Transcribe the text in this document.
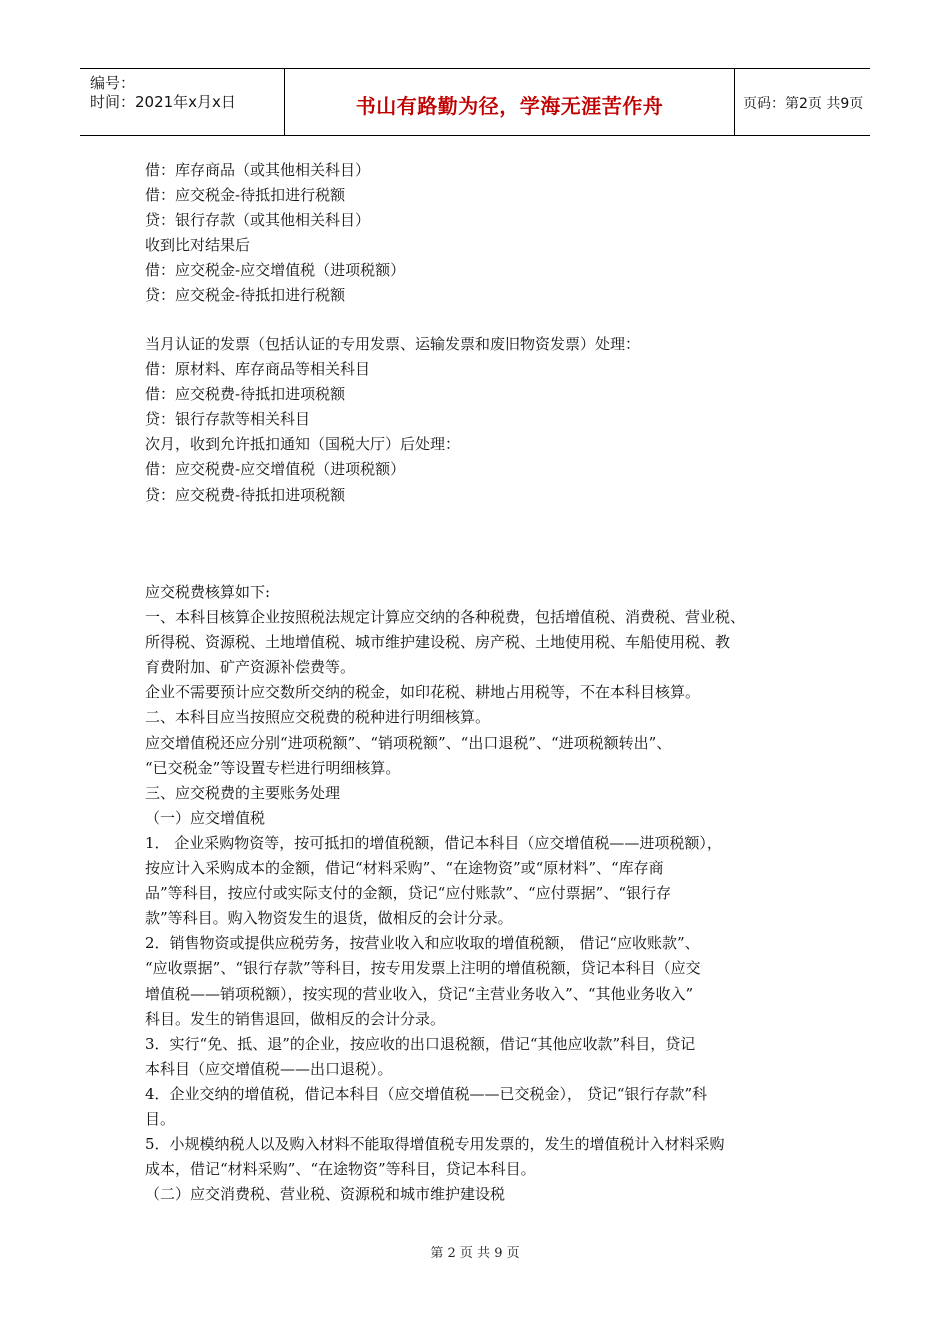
编号：
时间：2021年x月x日	书山有路勤为径，学海无涯苦作舟	页码：第2页 共9页
借：库存商品（或其他相关科目）
借：应交税金-待抵扣进行税额
贷：银行存款（或其他相关科目）
收到比对结果后
借：应交税金-应交增值税（进项税额）
贷：应交税金-待抵扣进行税额
当月认证的发票（包括认证的专用发票、运输发票和废旧物资发票）处理：
借：原材料、库存商品等相关科目
借：应交税费-待抵扣进项税额
贷：银行存款等相关科目
次月，收到允许抵扣通知（国税大厅）后处理：
借：应交税费-应交增值税（进项税额）
贷：应交税费-待抵扣进项税额
应交税费核算如下:
一、本科目核算企业按照税法规定计算应交纳的各种税费，包括增值税、消费税、营业税、
所得税、资源税、土地增值税、城市维护建设税、房产税、土地使用税、车船使用税、教
育费附加、矿产资源补偿费等。
企业不需要预计应交数所交纳的税金，如印花税、耕地占用税等，不在本科目核算。
二、本科目应当按照应交税费的税种进行明细核算。
应交增值税还应分别“进项税额”、“销项税额”、“出口退税”、“进项税额转出”、
“已交税金”等设置专栏进行明细核算。
三、应交税费的主要账务处理
（一）应交增值税
1． 企业采购物资等，按可抵扣的增值税额，借记本科目（应交增值税——进项税额），
按应计入采购成本的金额，借记“材料采购”、“在途物资”或“原材料”、“库存商
品”等科目，按应付或实际支付的金额，贷记“应付账款”、“应付票据”、“银行存
款”等科目。购入物资发生的退货，做相反的会计分录。
2．销售物资或提供应税劳务，按营业收入和应收取的增值税额， 借记“应收账款”、
“应收票据”、“银行存款”等科目，按专用发票上注明的增值税额，贷记本科目（应交
增值税——销项税额），按实现的营业收入，贷记“主营业务收入”、“其他业务收入”
科目。发生的销售退回，做相反的会计分录。
3．实行“免、抵、退”的企业，按应收的出口退税额，借记“其他应收款”科目，贷记
本科目（应交增值税——出口退税）。
4．企业交纳的增值税，借记本科目（应交增值税——已交税金）， 贷记“银行存款”科
目。
5．小规模纳税人以及购入材料不能取得增值税专用发票的，发生的增值税计入材料采购
成本，借记“材料采购”、“在途物资”等科目，贷记本科目。
（二）应交消费税、营业税、资源税和城市维护建设税
第 2 页 共 9 页
